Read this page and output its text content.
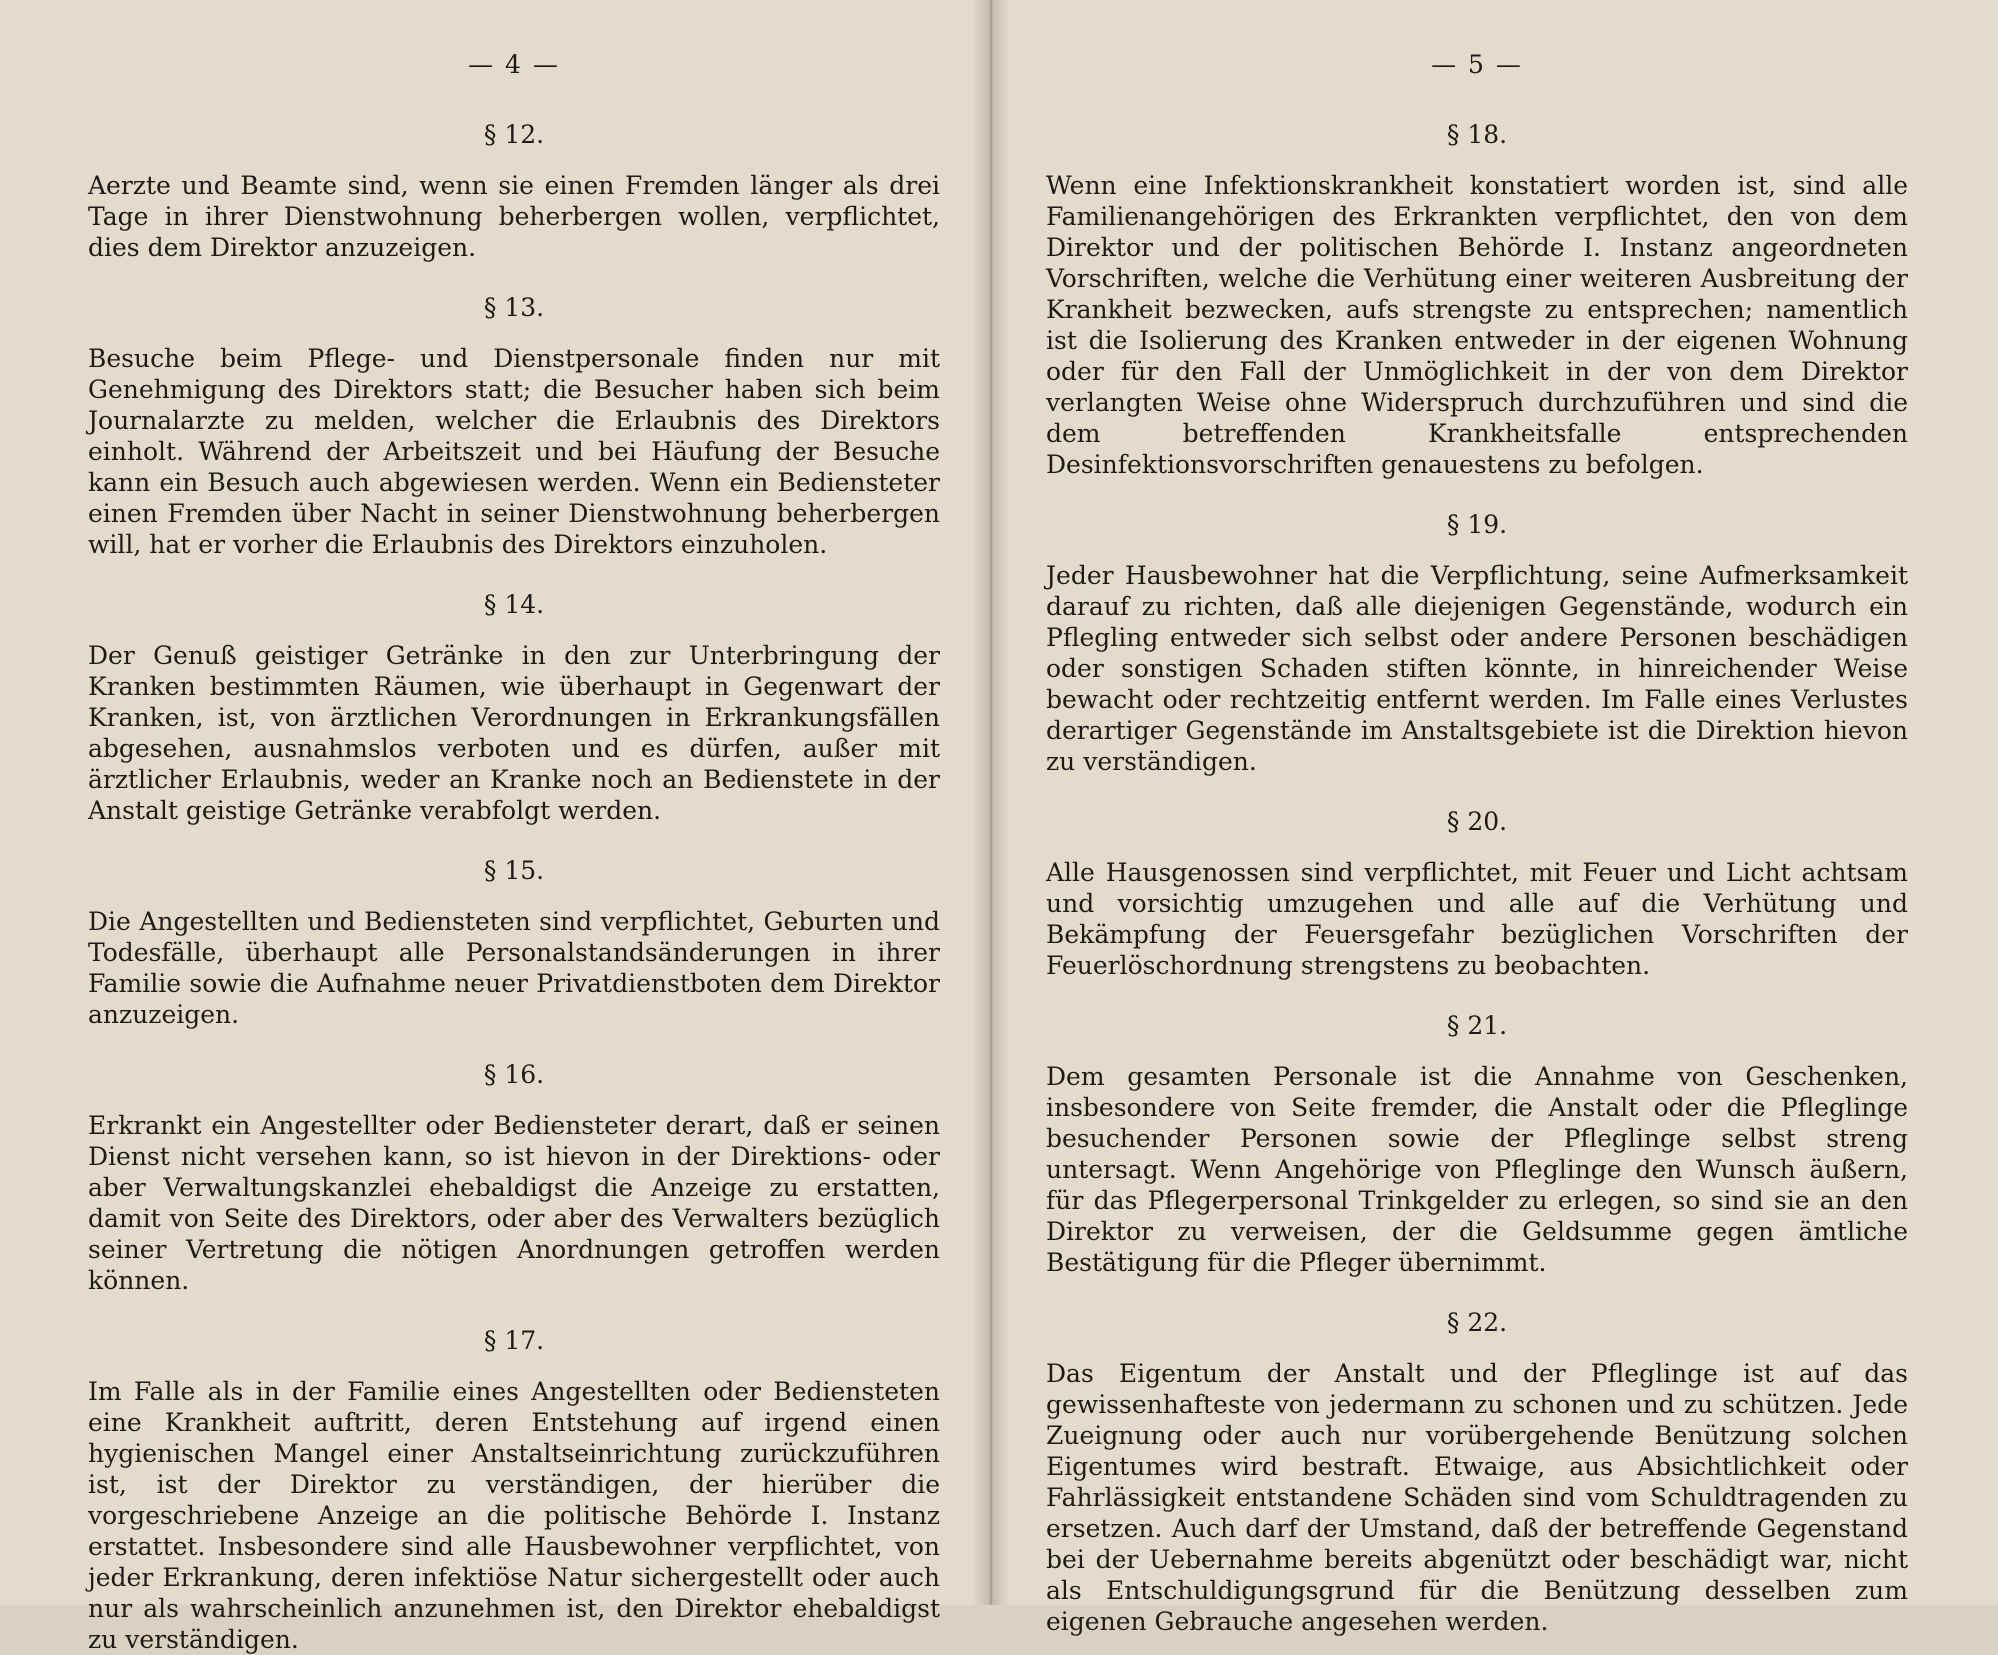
— 4 —
§ 12.

Aerzte und Beamte sind, wenn sie einen Fremden länger als drei Tage in ihrer Dienstwohnung beherbergen wollen, verpflichtet, dies dem Direktor anzuzeigen.

§ 13.

Besuche beim Pflege- und Dienstpersonale finden nur mit Genehmigung des Direktors statt; die Besucher haben sich beim Journalarzte zu melden, welcher die Erlaubnis des Direktors einholt. Während der Arbeitszeit und bei Häufung der Besuche kann ein Besuch auch abgewiesen werden. Wenn ein Bediensteter einen Fremden über Nacht in seiner Dienstwohnung beherbergen will, hat er vorher die Erlaubnis des Direktors einzuholen.

§ 14.

Der Genuß geistiger Getränke in den zur Unterbringung der Kranken bestimmten Räumen, wie überhaupt in Gegenwart der Kranken, ist, von ärztlichen Verordnungen in Erkrankungsfällen abgesehen, ausnahmslos verboten und es dürfen, außer mit ärztlicher Erlaubnis, weder an Kranke noch an Bedienstete in der Anstalt geistige Getränke verabfolgt werden.

§ 15.

Die Angestellten und Bediensteten sind verpflichtet, Geburten und Todesfälle, überhaupt alle Personalstandsänderungen in ihrer Familie sowie die Aufnahme neuer Privatdienstboten dem Direktor anzuzeigen.

§ 16.

Erkrankt ein Angestellter oder Bediensteter derart, daß er seinen Dienst nicht versehen kann, so ist hievon in der Direktions- oder aber Verwaltungskanzlei ehebaldigst die Anzeige zu erstatten, damit von Seite des Direktors, oder aber des Verwalters bezüglich seiner Vertretung die nötigen Anordnungen getroffen werden können.

§ 17.

Im Falle als in der Familie eines Angestellten oder Bediensteten eine Krankheit auftritt, deren Entstehung auf irgend einen hygienischen Mangel einer Anstaltseinrichtung zurückzuführen ist, ist der Direktor zu verständigen, der hierüber die vorgeschriebene Anzeige an die politische Behörde I. Instanz erstattet. Insbesondere sind alle Hausbewohner verpflichtet, von jeder Erkrankung, deren infektiöse Natur sichergestellt oder auch nur als wahrscheinlich anzunehmen ist, den Direktor ehebaldigst zu verständigen.

— 5 —
§ 18.

Wenn eine Infektionskrankheit konstatiert worden ist, sind alle Familienangehörigen des Erkrankten verpflichtet, den von dem Direktor und der politischen Behörde I. Instanz angeordneten Vorschriften, welche die Verhütung einer weiteren Ausbreitung der Krankheit bezwecken, aufs strengste zu entsprechen; namentlich ist die Isolierung des Kranken entweder in der eigenen Wohnung oder für den Fall der Unmöglichkeit in der von dem Direktor verlangten Weise ohne Widerspruch durchzuführen und sind die dem betreffenden Krankheitsfalle entsprechenden Desinfektionsvorschriften genauestens zu befolgen.

§ 19.

Jeder Hausbewohner hat die Verpflichtung, seine Aufmerksamkeit darauf zu richten, daß alle diejenigen Gegenstände, wodurch ein Pflegling entweder sich selbst oder andere Personen beschädigen oder sonstigen Schaden stiften könnte, in hinreichender Weise bewacht oder rechtzeitig entfernt werden. Im Falle eines Verlustes derartiger Gegenstände im Anstaltsgebiete ist die Direktion hievon zu verständigen.

§ 20.

Alle Hausgenossen sind verpflichtet, mit Feuer und Licht achtsam und vorsichtig umzugehen und alle auf die Verhütung und Bekämpfung der Feuersgefahr bezüglichen Vorschriften der Feuerlöschordnung strengstens zu beobachten.

§ 21.

Dem gesamten Personale ist die Annahme von Geschenken, insbesondere von Seite fremder, die Anstalt oder die Pfleglinge besuchender Personen sowie der Pfleglinge selbst streng untersagt. Wenn Angehörige von Pfleglinge den Wunsch äußern, für das Pflegerpersonal Trinkgelder zu erlegen, so sind sie an den Direktor zu verweisen, der die Geldsumme gegen ämtliche Bestätigung für die Pfleger übernimmt.

§ 22.

Das Eigentum der Anstalt und der Pfleglinge ist auf das gewissenhafteste von jedermann zu schonen und zu schützen. Jede Zueignung oder auch nur vorübergehende Benützung solchen Eigentumes wird bestraft. Etwaige, aus Absichtlichkeit oder Fahrlässigkeit entstandene Schäden sind vom Schuldtragenden zu ersetzen. Auch darf der Umstand, daß der betreffende Gegenstand bei der Uebernahme bereits abgenützt oder beschädigt war, nicht als Entschuldigungsgrund für die Benützung desselben zum eigenen Gebrauche angesehen werden.
